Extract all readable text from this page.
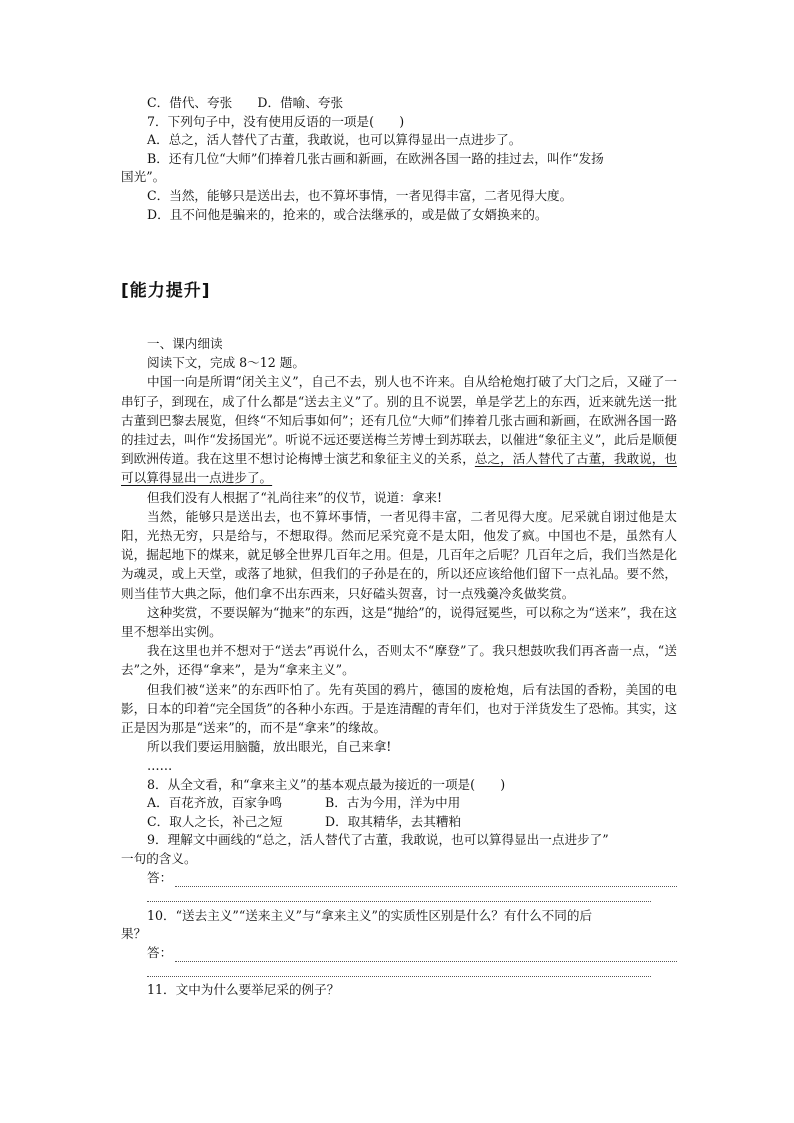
C．借代、夸张　　D．借喻、夸张
7．下列句子中，没有使用反语的一项是(　　)
A．总之，活人替代了古董，我敢说，也可以算得显出一点进步了。
B．还有几位“大师”们捧着几张古画和新画，在欧洲各国一路的挂过去，叫作“发扬
国光”。
C．当然，能够只是送出去，也不算坏事情，一者见得丰富，二者见得大度。
D．且不问他是骗来的，抢来的，或合法继承的，或是做了女婿换来的。
[能力提升]
一、课内细读
阅读下文，完成 8～12 题。
中国一向是所谓“闭关主义”，自己不去，别人也不许来。自从给枪炮打破了大门之后，又碰了一串钉子，到现在，成了什么都是“送去主义”了。别的且不说罢，单是学艺上的东西，近来就先送一批古董到巴黎去展览，但终“不知后事如何”；还有几位“大师”们捧着几张古画和新画，在欧洲各国一路的挂过去，叫作“发扬国光”。听说不远还要送梅兰芳博士到苏联去，以催进“象征主义”，此后是顺便到欧洲传道。我在这里不想讨论梅博士演艺和象征主义的关系，总之，活人替代了古董，我敢说，也可以算得显出一点进步了。
但我们没有人根据了“礼尚往来”的仪节，说道：拿来!
当然，能够只是送出去，也不算坏事情，一者见得丰富，二者见得大度。尼采就自诩过他是太阳，光热无穷，只是给与，不想取得。然而尼采究竟不是太阳，他发了疯。中国也不是，虽然有人说，掘起地下的煤来，就足够全世界几百年之用。但是，几百年之后呢？几百年之后，我们当然是化为魂灵，或上天堂，或落了地狱，但我们的子孙是在的，所以还应该给他们留下一点礼品。要不然，则当佳节大典之际，他们拿不出东西来，只好磕头贺喜，讨一点残羹冷炙做奖赏。
这种奖赏，不要误解为“抛来”的东西，这是“抛给”的，说得冠冕些，可以称之为“送来”，我在这里不想举出实例。
我在这里也并不想对于“送去”再说什么，否则太不“摩登”了。我只想鼓吹我们再吝啬一点，“送去”之外，还得“拿来”，是为“拿来主义”。
但我们被“送来”的东西吓怕了。先有英国的鸦片，德国的废枪炮，后有法国的香粉，美国的电影，日本的印着“完全国货”的各种小东西。于是连清醒的青年们，也对于洋货发生了恐怖。其实，这正是因为那是“送来”的，而不是“拿来”的缘故。
所以我们要运用脑髓，放出眼光，自己来拿!
……
8．从全文看，和“拿来主义”的基本观点最为接近的一项是(　　)
A．百花齐放，百家争鸣	B．古为今用，洋为中用
C．取人之长，补己之短	D．取其精华，去其糟粕
9．理解文中画线的“总之，活人替代了古董，我敢说，也可以算得显出一点进步了”
一句的含义。
答：
10．“送去主义”“送来主义”与“拿来主义”的实质性区别是什么？有什么不同的后
果？
答：
11．文中为什么要举尼采的例子？
